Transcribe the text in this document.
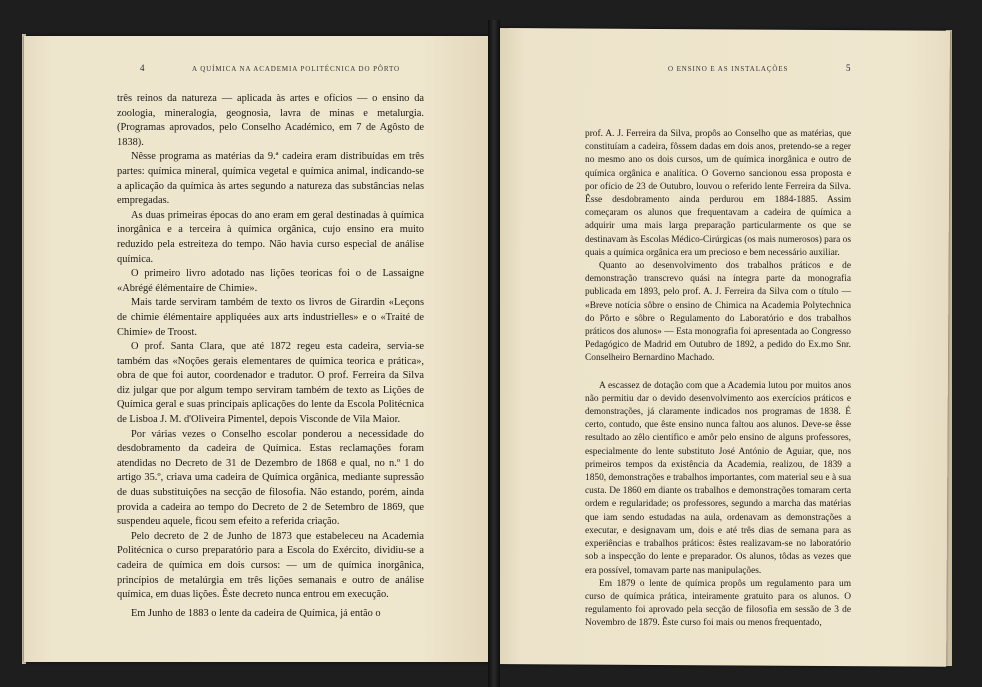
4	A QUÍMICA NA ACADEMIA POLITÉCNICA DO PÔRTO	O ENSINO E AS INSTALAÇÕES	5

três reinos da natureza — aplicada às artes e ofícios — o ensino da zoologia, mineralogia, geognosia, lavra de minas e metalurgia. (Programas aprovados, pelo Conselho Académico, em 7 de Agôsto de 1838).

Nêsse programa as matérias da 9.ª cadeira eram distribuídas em três partes: química mineral, química vegetal e química animal, indicando-se a aplicação da química às artes segundo a natureza das substâncias nelas empregadas.

As duas primeiras épocas do ano eram em geral destinadas à química inorgânica e a terceira à química orgânica, cujo ensino era muito reduzido pela estreiteza do tempo. Não havia curso especial de análise química.

O primeiro livro adotado nas lições teoricas foi o de Lassaigne «Abrégé élémentaire de Chimie».

Mais tarde serviram também de texto os livros de Girardin «Leçons de chimie élémentaire appliquées aux arts industrielles» e o «Traité de Chimie» de Troost.

O prof. Santa Clara, que até 1872 regeu esta cadeira, servia-se também das «Noções gerais elementares de química teorica e prática», obra de que foi autor, coordenador e tradutor. O prof. Ferreira da Silva diz julgar que por algum tempo serviram também de texto as Lições de Química geral e suas principais aplicações do lente da Escola Politécnica de Lisboa J. M. d'Oliveira Pimentel, depois Visconde de Vila Maior.

Por várias vezes o Conselho escolar ponderou a necessidade do desdobramento da cadeira de Química. Estas reclamações foram atendidas no Decreto de 31 de Dezembro de 1868 e qual, no n.º 1 do artigo 35.º, criava uma cadeira de Química orgânica, mediante supressão de duas substituições na secção de filosofia. Não estando, porém, ainda provida a cadeira ao tempo do Decreto de 2 de Setembro de 1869, que suspendeu aquele, ficou sem efeito a referida criação.

Pelo decreto de 2 de Junho de 1873 que estabeleceu na Academia Politécnica o curso preparatório para a Escola do Exército, dividiu-se a cadeira de química em dois cursos: — um de química inorgânica, princípios de metalúrgia em três lições semanais e outro de análise química, em duas lições. Êste decreto nunca entrou em execução.

Em Junho de 1883 o lente da cadeira de Química, já então o

prof. A. J. Ferreira da Silva, propôs ao Conselho que as matérias, que constituíam a cadeira, fôssem dadas em dois anos, pretendo-se a reger no mesmo ano os dois cursos, um de química inorgânica e outro de química orgânica e analítica. O Governo sancionou essa proposta e por ofício de 23 de Outubro, louvou o referido lente Ferreira da Silva. Êsse desdobramento ainda perdurou em 1884-1885. Assim começaram os alunos que frequentavam a cadeira de química a adquirir uma mais larga preparação particularmente os que se destinavam às Escolas Médico-Cirúrgicas (os mais numerosos) para os quais a química orgânica era um precioso e bem necessário auxiliar.

Quanto ao desenvolvimento dos trabalhos práticos e de demonstração transcrevo quási na íntegra parte da monografia publicada em 1893, pelo prof. A. J. Ferreira da Silva com o título — «Breve notícia sôbre o ensino de Chimica na Academia Polytechnica do Pôrto e sôbre o Regulamento do Laboratório e dos trabalhos práticos dos alunos» — Esta monografia foi apresentada ao Congresso Pedagógico de Madrid em Outubro de 1892, a pedido do Ex.mo Snr. Conselheiro Bernardino Machado.

A escassez de dotação com que a Academia lutou por muitos anos não permitiu dar o devido desenvolvimento aos exercícios práticos e demonstrações, já claramente indicados nos programas de 1838. É certo, contudo, que êste ensino nunca faltou aos alunos. Deve-se êsse resultado ao zêlo científico e amôr pelo ensino de alguns professores, especialmente do lente substituto José António de Aguiar, que, nos primeiros tempos da existência da Academia, realizou, de 1839 a 1850, demonstrações e trabalhos importantes, com material seu e à sua custa. De 1860 em diante os trabalhos e demonstrações tomaram certa ordem e regularidade; os professores, segundo a marcha das matérias que iam sendo estudadas na aula, ordenavam as demonstrações a executar, e designavam um, dois e até três dias de semana para as experiências e trabalhos práticos: êstes realizavam-se no laboratório sob a inspecção do lente e preparador. Os alunos, tôdas as vezes que era possível, tomavam parte nas manipulações.

Em 1879 o lente de química propôs um regulamento para um curso de química prática, inteiramente gratuito para os alunos. O regulamento foi aprovado pela secção de filosofia em sessão de 3 de Novembro de 1879. Êste curso foi mais ou menos frequentado,
